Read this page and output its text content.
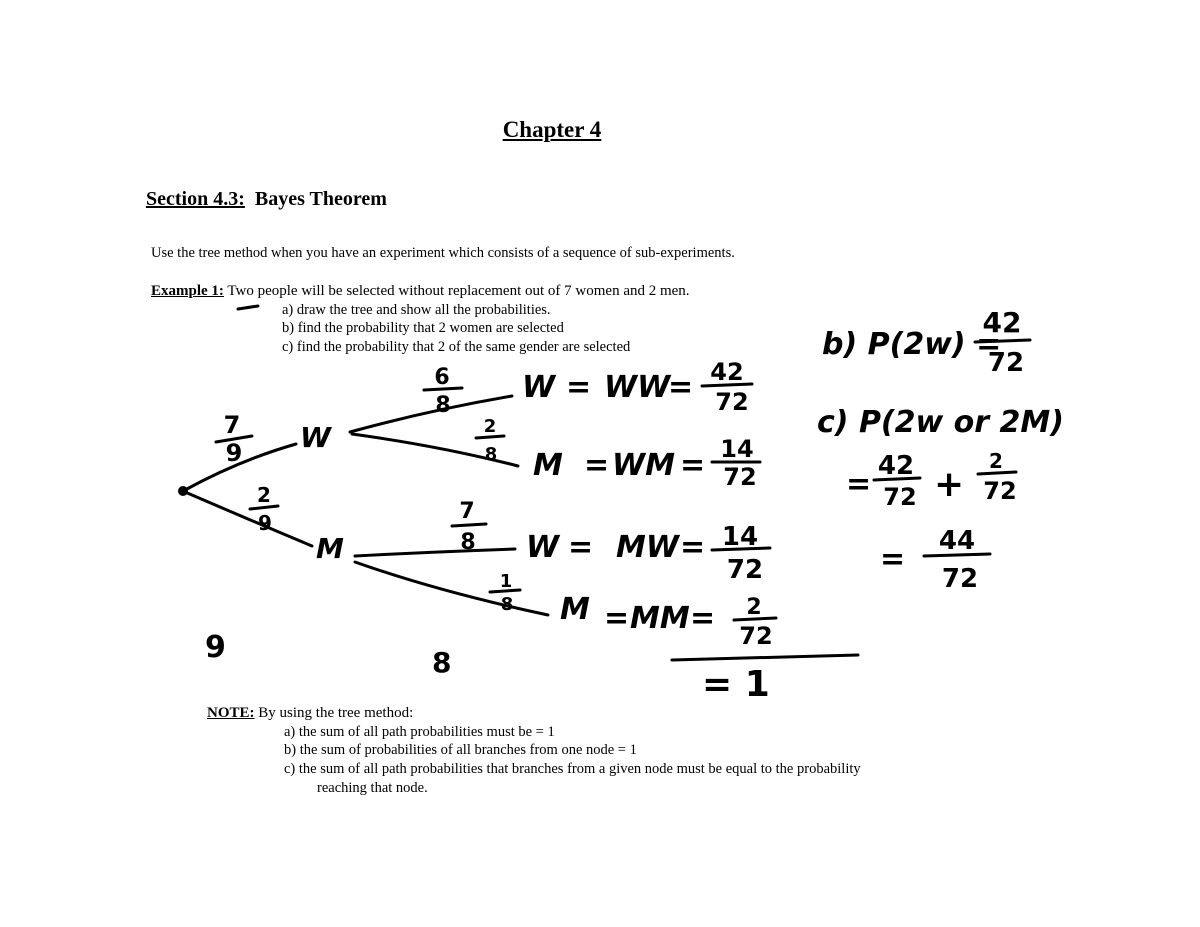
Chapter 4
Section 4.3: Bayes Theorem
Use the tree method when you have an experiment which consists of a sequence of sub-experiments.
Example 1: Two people will be selected without replacement out of 7 women and 2 men.
a) draw the tree and show all the probabilities.
b) find the probability that 2 women are selected
c) find the probability that 2 of the same gender are selected
NOTE: By using the tree method:
a) the sum of all path probabilities must be = 1
b) the sum of probabilities of all branches from one node = 1
c) the sum of all path probabilities that branches from a given node must be equal to the probability
reaching that node.
7
9
2
9
W
M
6
8
2
8
7
8
1
8
W = WW
= 42
72
M = WM = 14
72
W = MW = 14
72
M = MM = 2
72
9	8
= 1
b) P(2w) =
42
72
c) P(2w or 2M)
=
42
72 +
2
72
=
44
72
